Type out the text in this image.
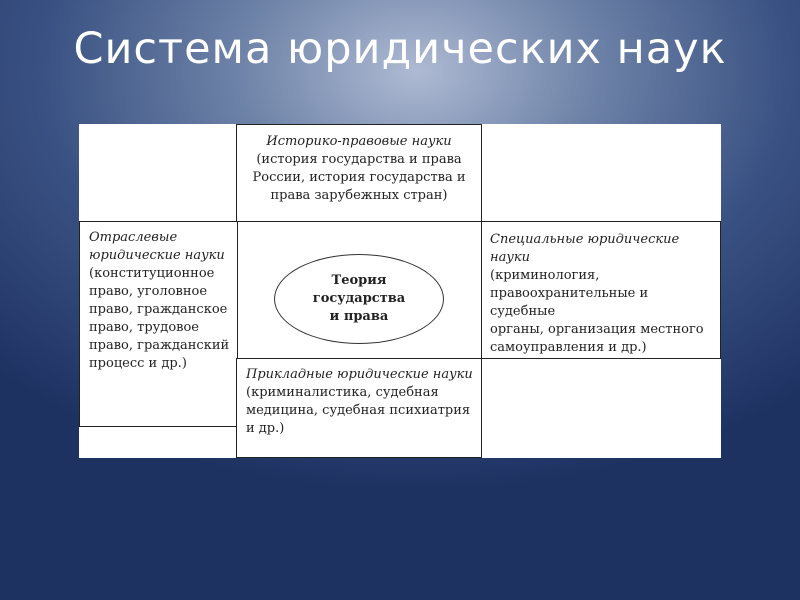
Система юридических наук
Историко-правовые науки
(история государства и права
России, история государства и
права зарубежных стран)
Отраслевые
юридические науки
(конституционное
право, уголовное
право, гражданское
право, трудовое
право, гражданский
процесс и др.)
Специальные юридические науки
(криминология,
правоохранительные и судебные
органы, организация местного
самоуправления и др.)
Прикладные юридические науки
(криминалистика, судебная
медицина, судебная психиатрия
и др.)
Теория
государства
и права
